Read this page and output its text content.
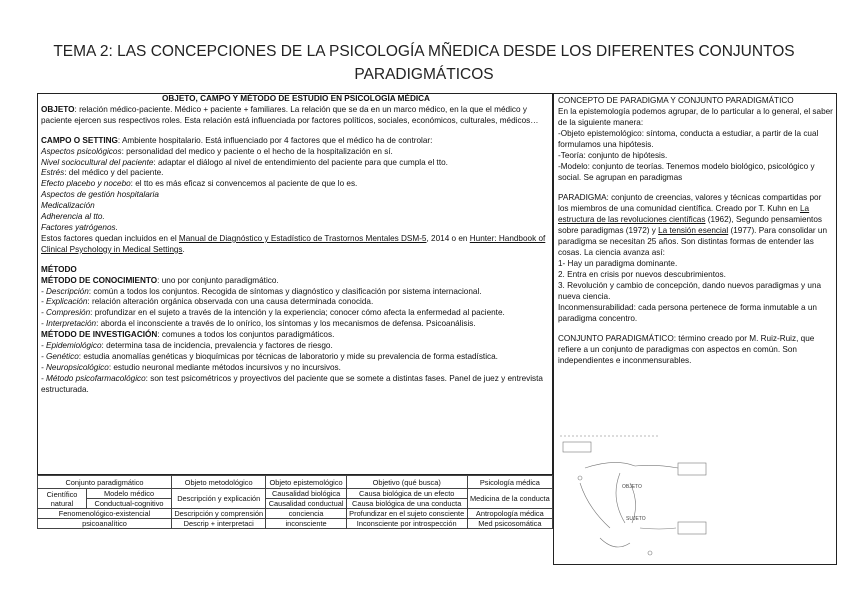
TEMA 2: LAS CONCEPCIONES DE LA PSICOLOGÍA MÑEDICA DESDE LOS DIFERENTES CONJUNTOS PARADIGMÁTICOS

OBJETO, CAMPO Y MÉTODO DE ESTUDIO EN PSICOLOGÍA MÉDICA

OBJETO: relación médico-paciente. Médico + paciente + familiares. La relación que se da en un marco médico, en la que el médico y paciente ejercen sus respectivos roles. Esta relación está influenciada por factores políticos, sociales, económicos, culturales, médicos…

CAMPO O SETTING: Ambiente hospitalario. Está influenciado por 4 factores que el médico ha de controlar:

Aspectos psicológicos: personalidad del medico y paciente o el hecho de la hospitalización en sí.

Nivel sociocultural del paciente: adaptar el diálogo al nivel de entendimiento del paciente para que cumpla el tto.

Estrés: del médico y del paciente.

Efecto placebo y nocebo: el tto es más eficaz si convencemos al paciente de que lo es.

Aspectos de gestión hospitalaria

Medicalización

Adherencia al tto.

Factores yatrógenos.

Estos factores quedan incluidos en el Manual de Diagnóstico y Estadístico de Trastornos Mentales DSM-5, 2014 o en Hunter: Handbook of Clinical Psychology in Medical Settings.

MÉTODO

MÉTODO DE CONOCIMIENTO: uno por conjunto paradigmático.

- Descripción: común a todos los conjuntos. Recogida de síntomas y diagnóstico y clasificación por sistema internacional.

- Explicación: relación alteración orgánica observada con una causa determinada conocida.

- Compresión: profundizar en el sujeto a través de la intención y la experiencia; conocer cómo afecta la enfermedad al paciente.

- Interpretación: aborda el inconsciente a través de lo onírico, los síntomas y los mecanismos de defensa. Psicoanálisis.

MÉTODO DE INVESTIGACIÓN: comunes a todos los conjuntos paradigmáticos.

- Epidemiológico: determina tasa de incidencia, prevalencia y factores de riesgo.

- Genético: estudia anomalías genéticas y bioquímicas por técnicas de laboratorio y mide su prevalencia de forma estadística.

- Neuropsicológico: estudio neuronal mediante métodos incursivos y no incursivos.

- Método psicofarmacológico: son test psicométricos y proyectivos del paciente que se somete a distintas fases. Panel de juez y entrevista estructurada.

Conjunto paradigmático		Objeto metodológico	Objeto epistemológico	Objetivo (qué busca)	Psicología médica
Científico natural	Modelo médico	Descripción y explicación	Causalidad biológica	Causa biológica de un efecto	Medicina de la conducta
	Conductual-cognitivo		Causalidad conductual	Causa biológica de una conducta	
Fenomenológico-existencial		Descripción y comprensión	conciencia	Profundizar en el sujeto consciente	Antropología médica
psicoanalítico		Descrip + interpretaci	inconsciente	Inconsciente por introspección	Med psicosomática

CONCEPTO DE PARADIGMA Y CONJUNTO PARADIGMÁTICO

En la epistemología podemos agrupar, de lo particular a lo general, el saber de la siguiente manera:

-Objeto epistemológico: síntoma, conducta a estudiar, a partir de la cual formulamos una hipótesis.

-Teoría: conjunto de hipótesis.

-Modelo: conjunto de teorías. Tenemos modelo biológico, psicológico y social. Se agrupan en paradigmas

PARADIGMA: conjunto de creencias, valores y técnicas compartidas por los miembros de una comunidad científica. Creado por T. Kuhn en La estructura de las revoluciones científicas (1962), Segundo pensamientos sobre paradigmas (1972) y La tensión esencial (1977). Para consolidar un paradigma se necesitan 25 años. Son distintas formas de entender las cosas. La ciencia avanza así:

1- Hay un paradigma dominante.

2. Entra en crisis por nuevos descubrimientos.

3. Revolución y cambio de concepción, dando nuevos paradigmas y una nueva ciencia.

Inconmensurabilidad: cada persona pertenece de forma inmutable a un paradigma concentro.

CONJUNTO PARADIGMÁTICO: término creado por M. Ruiz-Ruiz, que refiere a un conjunto de paradigmas con aspectos en común. Son independientes e inconmensurables.

OBJETO
SUJETO
